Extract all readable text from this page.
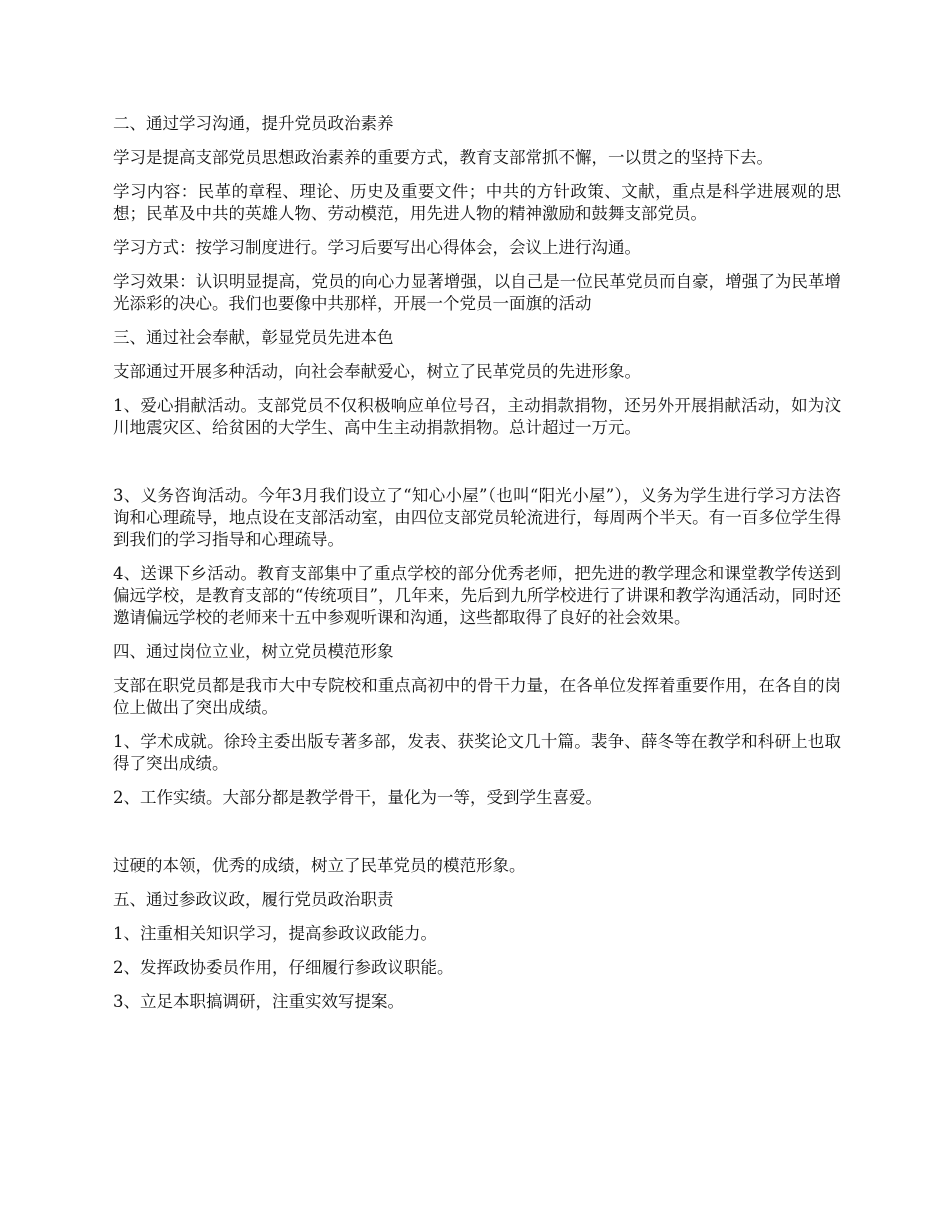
二、通过学习沟通，提升党员政治素养

学习是提高支部党员思想政治素养的重要方式，教育支部常抓不懈，一以贯之的坚持下去。

学习内容：民革的章程、理论、历史及重要文件；中共的方针政策、文献，重点是科学进展观的思想；民革及中共的英雄人物、劳动模范，用先进人物的精神激励和鼓舞支部党员。

学习方式：按学习制度进行。学习后要写出心得体会，会议上进行沟通。

学习效果：认识明显提高，党员的向心力显著增强，以自己是一位民革党员而自豪，增强了为民革增光添彩的决心。我们也要像中共那样，开展一个党员一面旗的活动

三、通过社会奉献，彰显党员先进本色

支部通过开展多种活动，向社会奉献爱心，树立了民革党员的先进形象。

1、爱心捐献活动。支部党员不仅积极响应单位号召，主动捐款捐物，还另外开展捐献活动，如为汶川地震灾区、给贫困的大学生、高中生主动捐款捐物。总计超过一万元。

3、义务咨询活动。今年3月我们设立了“知心小屋”（也叫“阳光小屋”），义务为学生进行学习方法咨询和心理疏导，地点设在支部活动室，由四位支部党员轮流进行，每周两个半天。有一百多位学生得到我们的学习指导和心理疏导。

4、送课下乡活动。教育支部集中了重点学校的部分优秀老师，把先进的教学理念和课堂教学传送到偏远学校，是教育支部的“传统项目”，几年来，先后到九所学校进行了讲课和教学沟通活动，同时还邀请偏远学校的老师来十五中参观听课和沟通，这些都取得了良好的社会效果。

四、通过岗位立业，树立党员模范形象

支部在职党员都是我市大中专院校和重点高初中的骨干力量，在各单位发挥着重要作用，在各自的岗位上做出了突出成绩。

1、学术成就。徐玲主委出版专著多部，发表、获奖论文几十篇。裴争、薛冬等在教学和科研上也取得了突出成绩。

2、工作实绩。大部分都是教学骨干，量化为一等，受到学生喜爱。

过硬的本领，优秀的成绩，树立了民革党员的模范形象。

五、通过参政议政，履行党员政治职责

1、注重相关知识学习，提高参政议政能力。

2、发挥政协委员作用，仔细履行参政议职能。

3、立足本职搞调研，注重实效写提案。
